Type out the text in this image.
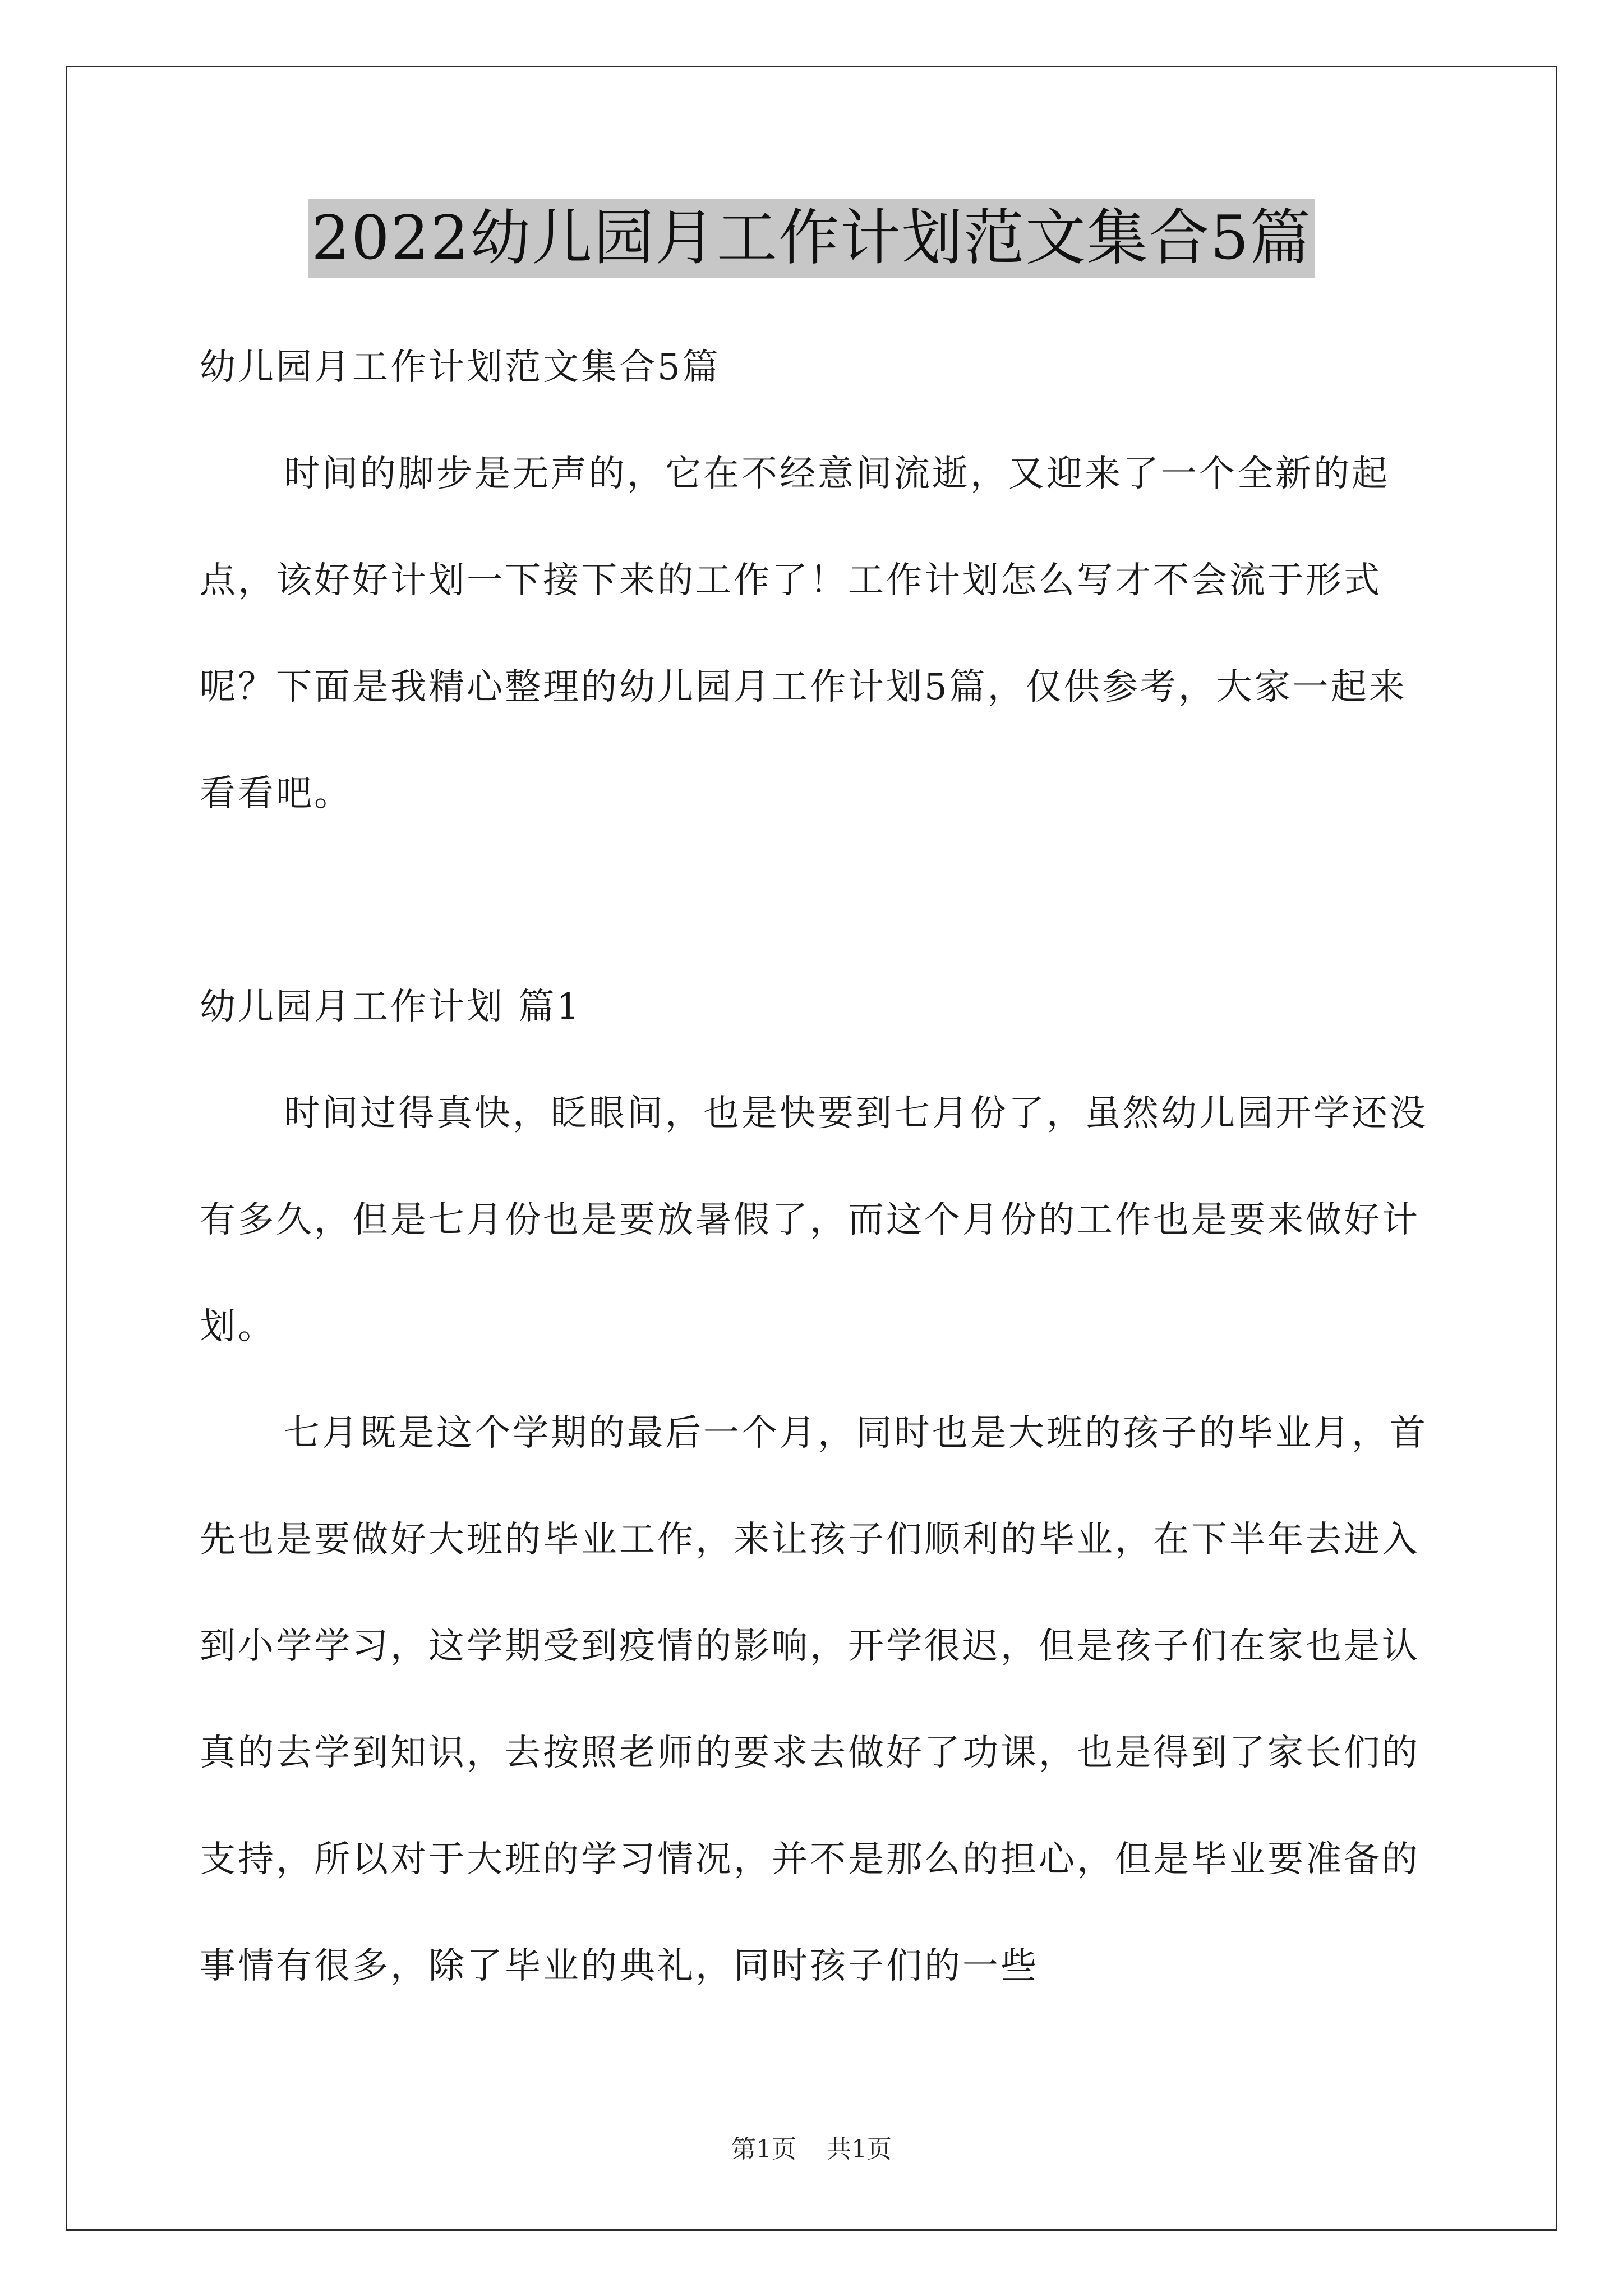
2022幼儿园月工作计划范文集合5篇

幼儿园月工作计划范文集合5篇

时间的脚步是无声的，它在不经意间流逝，又迎来了一个全新的起点，该好好计划一下接下来的工作了！工作计划怎么写才不会流于形式呢？下面是我精心整理的幼儿园月工作计划5篇，仅供参考，大家一起来看看吧。

幼儿园月工作计划 篇1

时间过得真快，眨眼间，也是快要到七月份了，虽然幼儿园开学还没有多久，但是七月份也是要放暑假了，而这个月份的工作也是要来做好计划。

七月既是这个学期的最后一个月，同时也是大班的孩子的毕业月，首先也是要做好大班的毕业工作，来让孩子们顺利的毕业，在下半年去进入到小学学习，这学期受到疫情的影响，开学很迟，但是孩子们在家也是认真的去学到知识，去按照老师的要求去做好了功课，也是得到了家长们的支持，所以对于大班的学习情况，并不是那么的担心，但是毕业要准备的事情有很多，除了毕业的典礼，同时孩子们的一些

第1页 共1页
